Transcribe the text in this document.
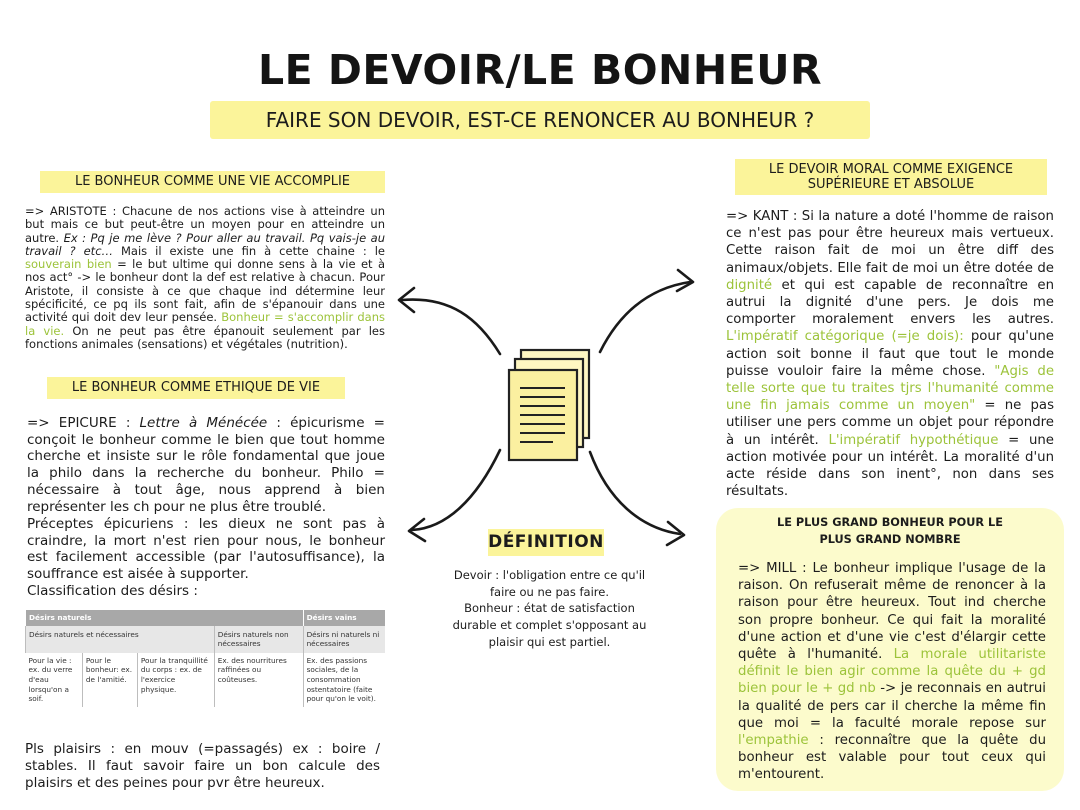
LE DEVOIR/LE BONHEUR
FAIRE SON DEVOIR, EST-CE RENONCER AU BONHEUR ?
LE BONHEUR COMME UNE VIE ACCOMPLIE
=> ARISTOTE : Chacune de nos actions vise à atteindre un but mais ce but peut-être un moyen pour en atteindre un autre. Ex : Pq je me lève ? Pour aller au travail. Pq vais-je au travail ? etc… Mais il existe une fin à cette chaine : le souverain bien = le but ultime qui donne sens à la vie et à nos act° -> le bonheur dont la def est relative à chacun. Pour Aristote, il consiste à ce que chaque ind détermine leur spécificité, ce pq ils sont fait, afin de s'épanouir dans une activité qui doit dev leur pensée. Bonheur = s'accomplir dans la vie. On ne peut pas être épanouit seulement par les fonctions animales (sensations) et végétales (nutrition).
LE BONHEUR COMME ETHIQUE DE VIE
=> EPICURE : Lettre à Ménécée : épicurisme = conçoit le bonheur comme le bien que tout homme cherche et insiste sur le rôle fondamental que joue la philo dans la recherche du bonheur. Philo = nécessaire à tout âge, nous apprend à bien représenter les ch pour ne plus être troublé.
Préceptes épicuriens : les dieux ne sont pas à craindre, la mort n'est rien pour nous, le bonheur est facilement accessible (par l'autosuffisance), la souffrance est aisée à supporter.
Classification des désirs :
Désirs naturels				Désirs vains
Désirs naturels et nécessaires			Désirs naturels non nécessaires	Désirs ni naturels ni nécessaires
Pour la vie : ex. du verre d'eau lorsqu'on a soif.	Pour le bonheur: ex. de l'amitié.	Pour la tranquillité du corps : ex. de l'exercice physique.	Ex. des nourritures raffinées ou coûteuses.	Ex. des passions sociales, de la consommation ostentatoire (faite pour qu'on le voit).
Pls plaisirs : en mouv (=passagés) ex : boire / stables. Il faut savoir faire un bon calcule des plaisirs et des peines pour pvr être heureux.
DÉFINITION
Devoir : l'obligation entre ce qu'il faire ou ne pas faire.
Bonheur : état de satisfaction durable et complet s'opposant au plaisir qui est partiel.
LE DEVOIR MORAL COMME EXIGENCE SUPÉRIEURE ET ABSOLUE
=> KANT : Si la nature a doté l'homme de raison ce n'est pas pour être heureux mais vertueux. Cette raison fait de moi un être diff des animaux/objets. Elle fait de moi un être dotée de dignité et qui est capable de reconnaître en autrui la dignité d'une pers. Je dois me comporter moralement envers les autres. L'impératif catégorique (=je dois): pour qu'une action soit bonne il faut que tout le monde puisse vouloir faire la même chose. "Agis de telle sorte que tu traites tjrs l'humanité comme une fin jamais comme un moyen" = ne pas utiliser une pers comme un objet pour répondre à un intérêt. L'impératif hypothétique = une action motivée pour un intérêt. La moralité d'un acte réside dans son inent°, non dans ses résultats.
LE PLUS GRAND BONHEUR POUR LE PLUS GRAND NOMBRE
=> MILL : Le bonheur implique l'usage de la raison. On refuserait même de renoncer à la raison pour être heureux. Tout ind cherche son propre bonheur. Ce qui fait la moralité d'une action et d'une vie c'est d'élargir cette quête à l'humanité. La morale utilitariste définit le bien agir comme la quête du + gd bien pour le + gd nb -> je reconnais en autrui la qualité de pers car il cherche la même fin que moi = la faculté morale repose sur l'empathie : reconnaître que la quête du bonheur est valable pour tout ceux qui m'entourent.
